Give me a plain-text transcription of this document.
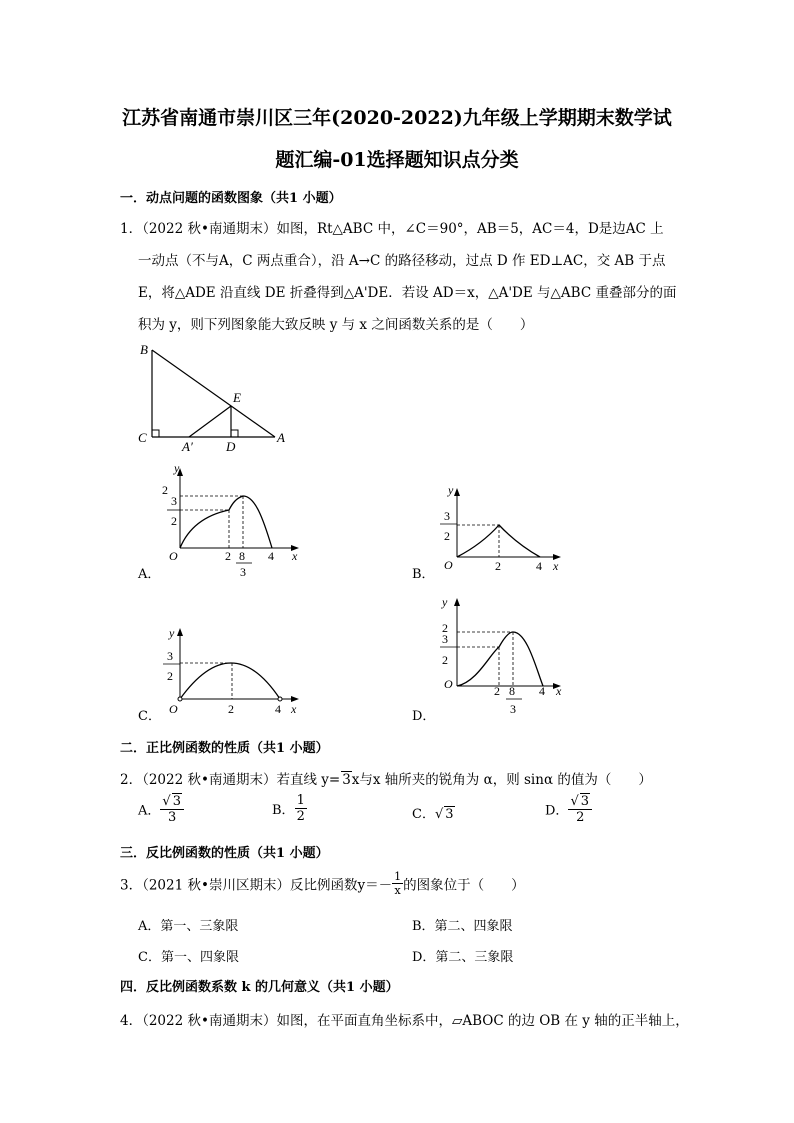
江苏省南通市崇川区三年(2020-2022)九年级上学期期末数学试
题汇编-01选择题知识点分类
一．动点问题的函数图象（共1 小题）
1．（2022 秋•南通期末）如图，Rt△ABC 中，∠C＝90°，AB＝5，AC＝4，D是边AC 上
一动点（不与A，C 两点重合），沿 A→C 的路径移动，过点 D 作 ED⊥AC，交 AB 于点
E，将△ADE 沿直线 DE 折叠得到△A'DE．若设 AD＝x，△A'DE 与△ABC 重叠部分的面
积为 y，则下列图象能大致反映 y 与 x 之间函数关系的是（　　）
B
E
C
A′	D
A
y
2
3
2
O	2 8
3
4 x
A．
y
3
2
O	2	4 x
B．
y
3
2
O	2	4 x
C．
y
2
3
2
O	2 8
3
4 x
D．
二．正比例函数的性质（共1 小题）
2．（2022 秋•南通期末）若直线 y= 3x与x 轴所夹的锐角为 α，则 sinα 的值为（　　）
A． $\frac{√ 3}{3}$	B． $\frac{1}{2}$	C．√ 3	D． $\frac{√ 3}{2}$
三．反比例函数的性质（共1 小题）
3．（2021 秋•崇川区期末）反比例函数$y=- \frac{1}{x}$ 的图象位于（　　）
A．第一、三象限	B．第二、四象限
C．第一、四象限	D．第二、三象限
四．反比例函数系数 k 的几何意义（共1 小题）
4．（2022 秋•南通期末）如图，在平面直角坐标系中，▱ABOC 的边 OB 在 y 轴的正半轴上，
